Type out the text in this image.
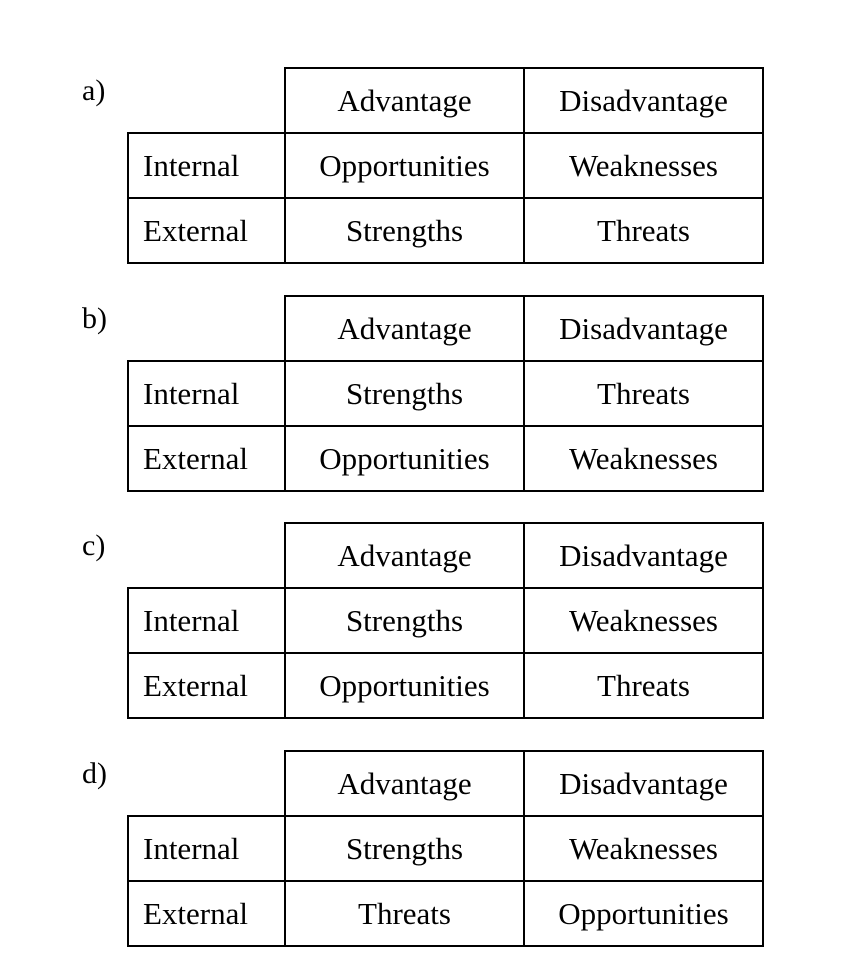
a)
		Advantage	Disadvantage
Internal	Opportunities	Weaknesses
External	Strengths	Threats
b)
		Advantage	Disadvantage
Internal	Strengths	Threats
External	Opportunities	Weaknesses
c)
		Advantage	Disadvantage
Internal	Strengths	Weaknesses
External	Opportunities	Threats
d)
		Advantage	Disadvantage
Internal	Strengths	Weaknesses
External	Threats	Opportunities
